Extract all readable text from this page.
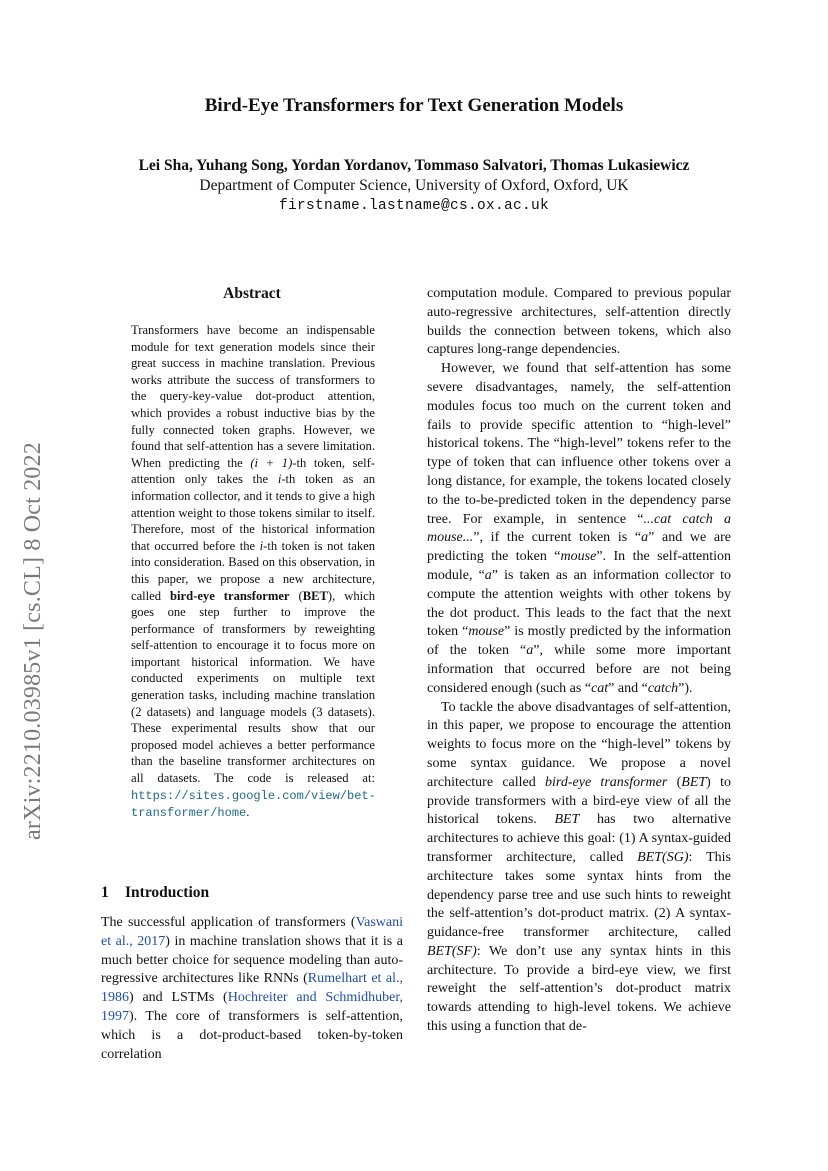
arXiv:2210.03985v1 [cs.CL] 8 Oct 2022
Bird-Eye Transformers for Text Generation Models
Lei Sha, Yuhang Song, Yordan Yordanov, Tommaso Salvatori, Thomas Lukasiewicz
Department of Computer Science, University of Oxford, Oxford, UK
firstname.lastname@cs.ox.ac.uk
Abstract
Transformers have become an indispensable module for text generation models since their great success in machine translation. Previous works attribute the success of transformers to the query-key-value dot-product attention, which provides a robust inductive bias by the fully connected token graphs. However, we found that self-attention has a severe limitation. When predicting the (i + 1)-th token, self-attention only takes the i-th token as an information collector, and it tends to give a high attention weight to those tokens similar to itself. Therefore, most of the historical information that occurred before the i-th token is not taken into consideration. Based on this observation, in this paper, we propose a new architecture, called bird-eye transformer (BET), which goes one step further to improve the performance of transformers by reweighting self-attention to encourage it to focus more on important historical information. We have conducted experiments on multiple text generation tasks, including machine translation (2 datasets) and language models (3 datasets). These experimental results show that our proposed model achieves a better performance than the baseline transformer architectures on all datasets. The code is released at: https://sites.google.com/view/bet-transformer/home.
1 Introduction
The successful application of transformers (Vaswani et al., 2017) in machine translation shows that it is a much better choice for sequence modeling than auto-regressive architectures like RNNs (Rumelhart et al., 1986) and LSTMs (Hochreiter and Schmidhuber, 1997). The core of transformers is self-attention, which is a dot-product-based token-by-token correlation

computation module. Compared to previous popular auto-regressive architectures, self-attention directly builds the connection between tokens, which also captures long-range dependencies.

However, we found that self-attention has some severe disadvantages, namely, the self-attention modules focus too much on the current token and fails to provide specific attention to “high-level” historical tokens. The “high-level” tokens refer to the type of token that can influence other tokens over a long distance, for example, the tokens located closely to the to-be-predicted token in the dependency parse tree. For example, in sentence “...cat catch a mouse...”, if the current token is “a” and we are predicting the token “mouse”. In the self-attention module, “a” is taken as an information collector to compute the attention weights with other tokens by the dot product. This leads to the fact that the next token “mouse” is mostly predicted by the information of the token “a”, while some more important information that occurred before are not being considered enough (such as “cat” and “catch”).

To tackle the above disadvantages of self-attention, in this paper, we propose to encourage the attention weights to focus more on the “high-level” tokens by some syntax guidance. We propose a novel architecture called bird-eye transformer (BET) to provide transformers with a bird-eye view of all the historical tokens. BET has two alternative architectures to achieve this goal: (1) A syntax-guided transformer architecture, called BET(SG): This architecture takes some syntax hints from the dependency parse tree and use such hints to reweight the self-attention’s dot-product matrix. (2) A syntax-guidance-free transformer architecture, called BET(SF): We don’t use any syntax hints in this architecture. To provide a bird-eye view, we first reweight the self-attention’s dot-product matrix towards attending to high-level tokens. We achieve this using a function that de-
